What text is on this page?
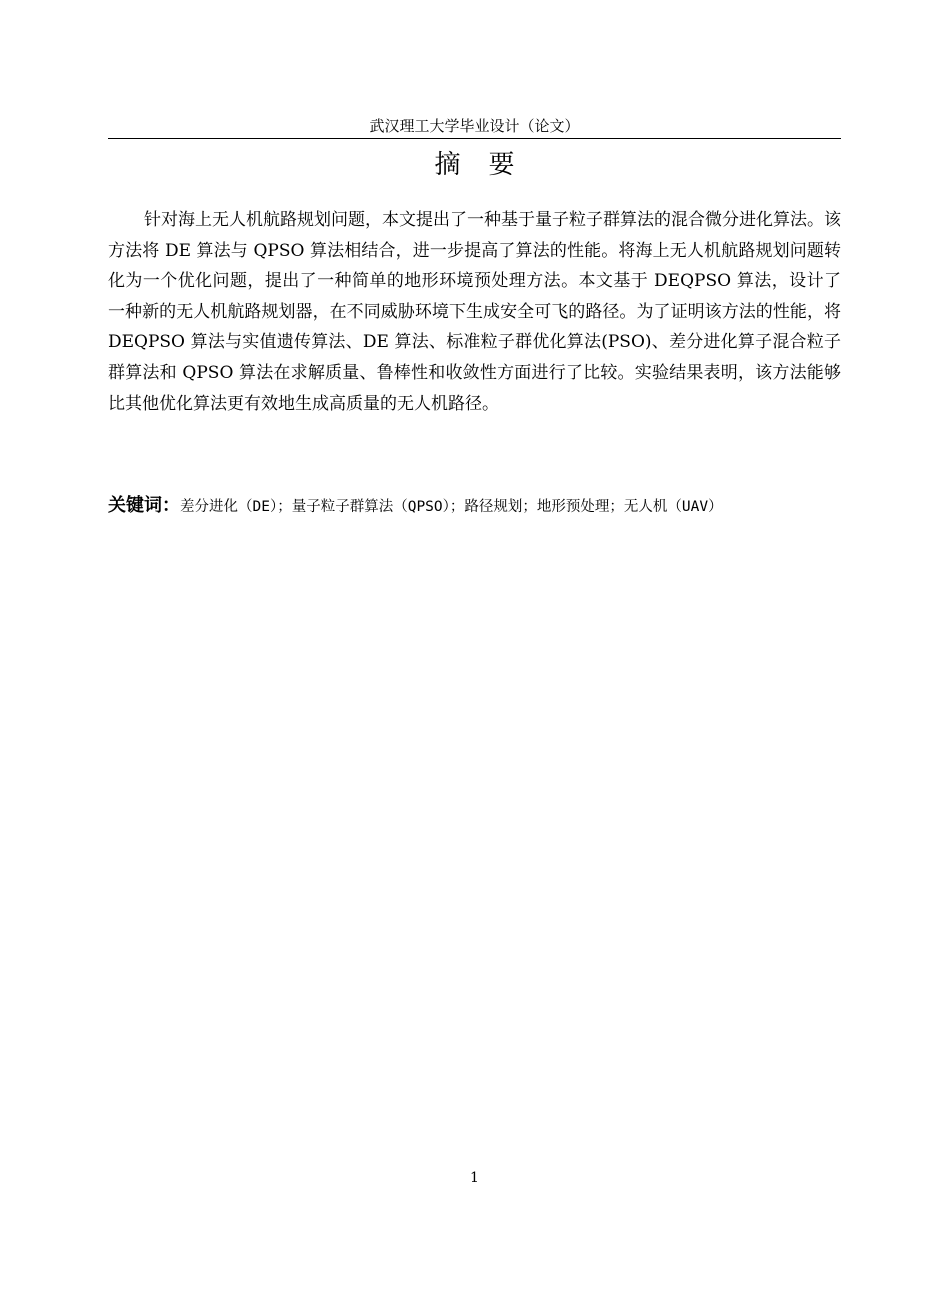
武汉理工大学毕业设计（论文）
摘要

针对海上无人机航路规划问题，本文提出了一种基于量子粒子群算法的混合微分进化算法。该方法将 DE 算法与 QPSO 算法相结合，进一步提高了算法的性能。将海上无人机航路规划问题转化为一个优化问题，提出了一种简单的地形环境预处理方法。本文基于 DEQPSO 算法，设计了一种新的无人机航路规划器，在不同威胁环境下生成安全可飞的路径。为了证明该方法的性能，将 DEQPSO 算法与实值遗传算法、DE 算法、标准粒子群优化算法(PSO)、差分进化算子混合粒子群算法和 QPSO 算法在求解质量、鲁棒性和收敛性方面进行了比较。实验结果表明，该方法能够比其他优化算法更有效地生成高质量的无人机路径。

关键词：差分进化（DE）；量子粒子群算法（QPSO）；路径规划；地形预处理；无人机（UAV）
1
